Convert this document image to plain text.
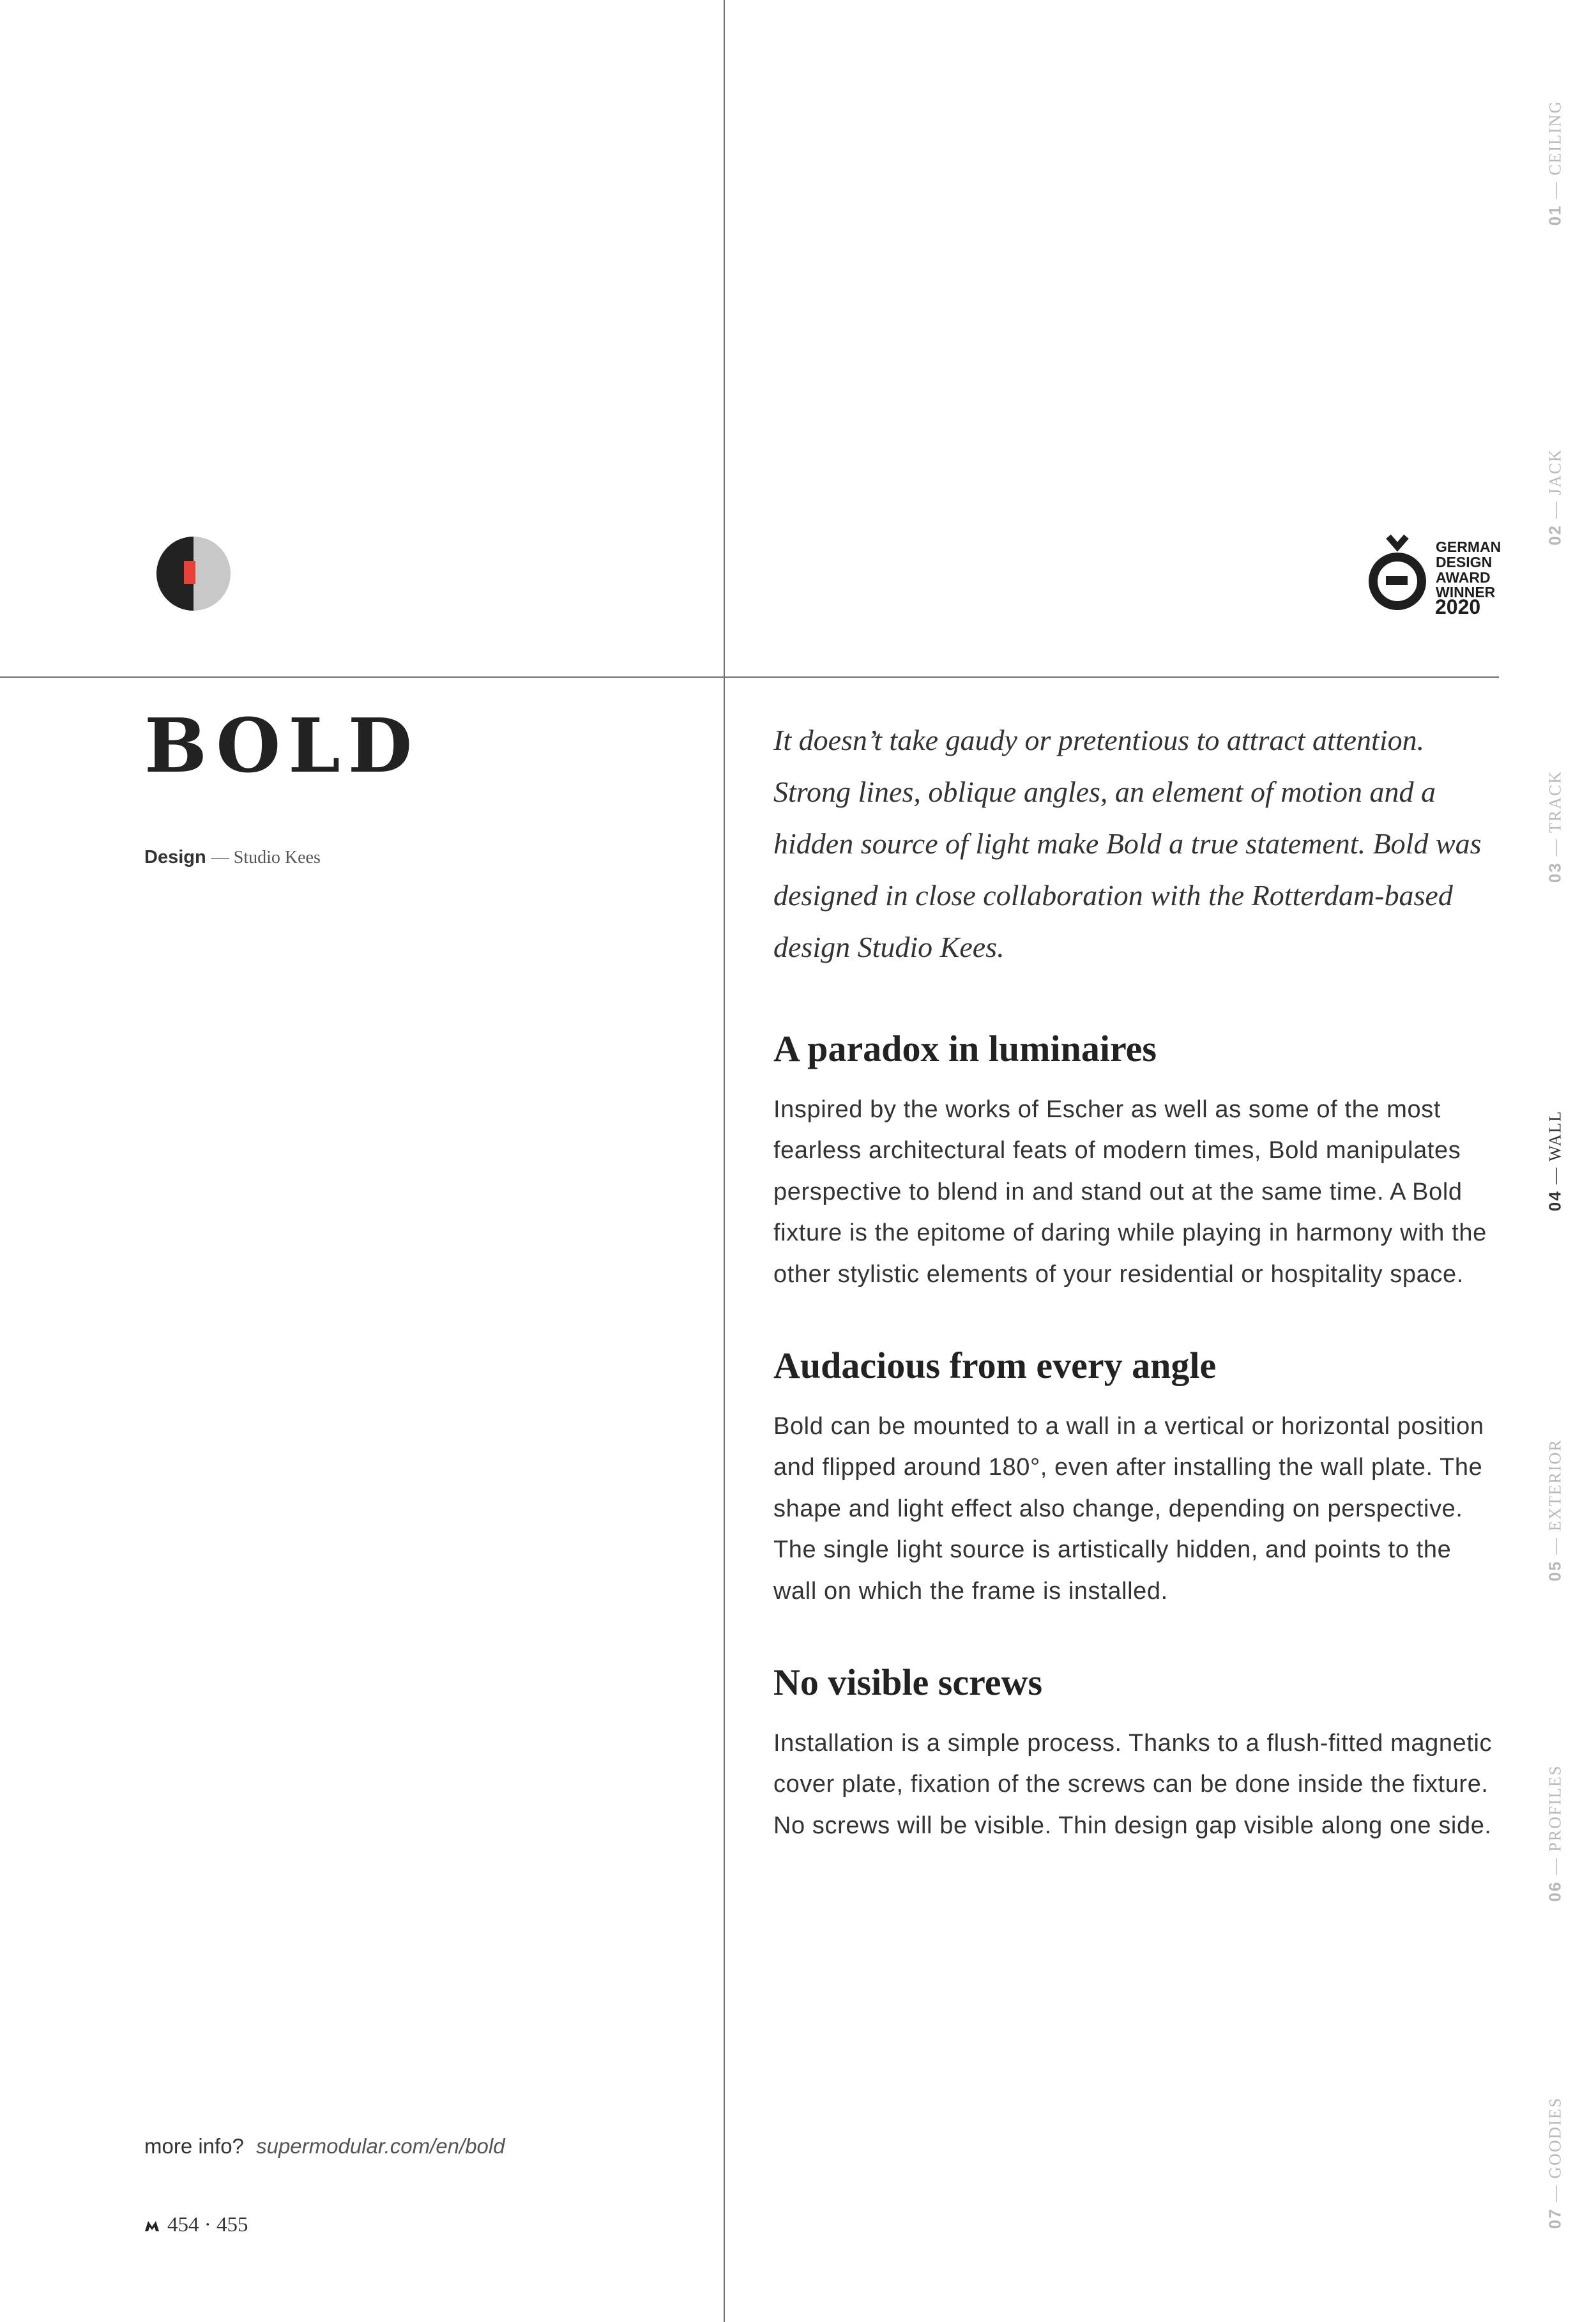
GERMAN
DESIGN
AWARD
WINNER
2020
BOLD
Design — Studio Kees

It doesn’t take gaudy or pretentious to attract attention. Strong lines, oblique angles, an element of motion and a hidden source of light make Bold a true statement. Bold was designed in close collaboration with the Rotterdam-based design Studio Kees.

A paradox in luminaires

Inspired by the works of Escher as well as some of the most fearless architectural feats of modern times, Bold manipulates perspective to blend in and stand out at the same time. A Bold fixture is the epitome of daring while playing in harmony with the other stylistic elements of your residential or hospitality space.

Audacious from every angle

Bold can be mounted to a wall in a vertical or horizontal position and flipped around 180°, even after installing the wall plate. The shape and light effect also change, depending on perspective. The single light source is artistically hidden, and points to the wall on which the frame is installed.

No visible screws

Installation is a simple process. Thanks to a flush-fitted magnetic cover plate, fixation of the screws can be done inside the fixture. No screws will be visible. Thin design gap visible along one side.

more info? supermodular.com/en/bold
454 · 455
01 — CEILING
02 — JACK
03 — TRACK
04 — WALL
05 — EXTERIOR
06 — PROFILES
07 — GOODIES
